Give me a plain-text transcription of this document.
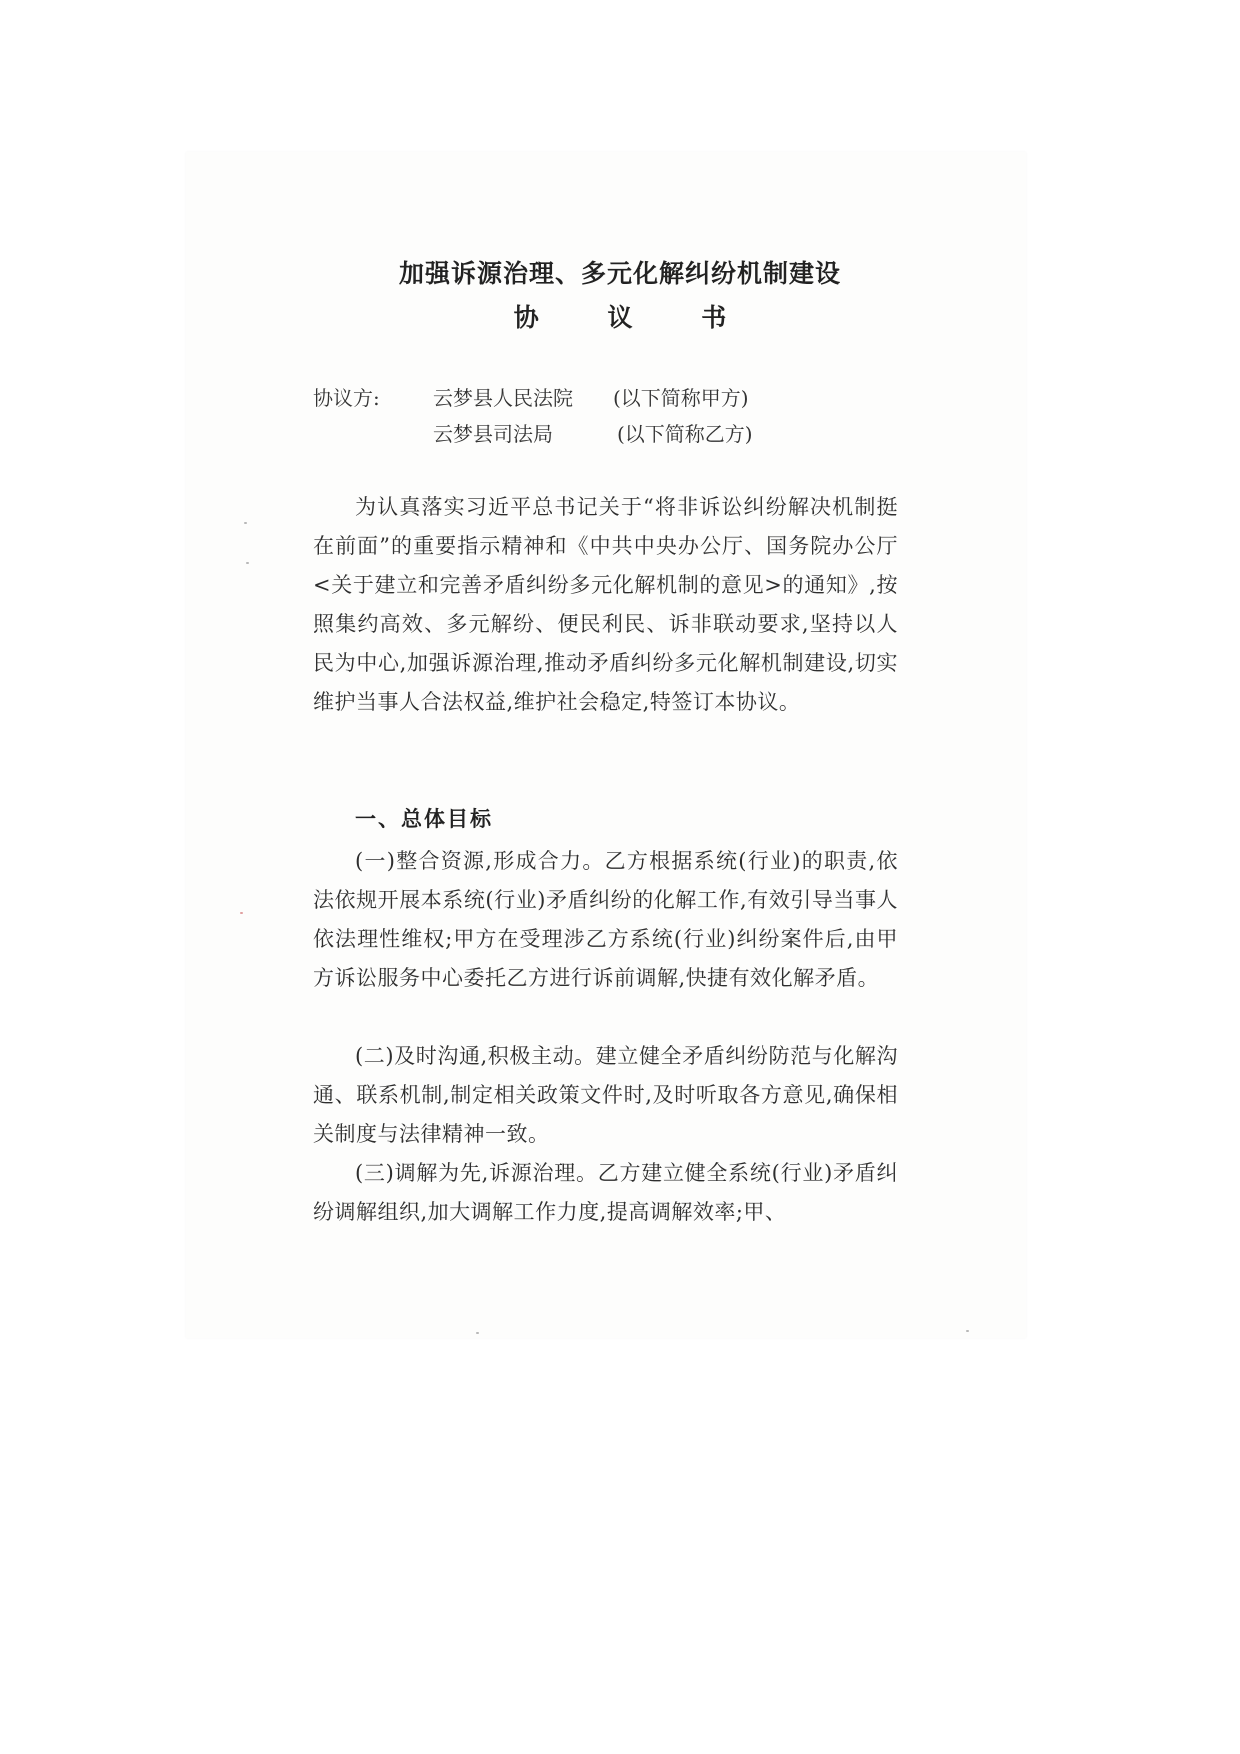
加强诉源治理、多元化解纠纷机制建设
协 议 书
协议方:	云梦县人民法院 (以下简称甲方)
云梦县司法局	(以下简称乙方)

为认真落实习近平总书记关于“将非诉讼纠纷解决机制挺在前面”的重要指示精神和《中共中央办公厅、国务院办公厅<关于建立和完善矛盾纠纷多元化解机制的意见>的通知》,按照集约高效、多元解纷、便民利民、诉非联动要求,坚持以人民为中心,加强诉源治理,推动矛盾纠纷多元化解机制建设,切实维护当事人合法权益,维护社会稳定,特签订本协议。

一、总体目标

(一)整合资源,形成合力。乙方根据系统(行业)的职责,依法依规开展本系统(行业)矛盾纠纷的化解工作,有效引导当事人依法理性维权;甲方在受理涉乙方系统(行业)纠纷案件后,由甲方诉讼服务中心委托乙方进行诉前调解,快捷有效化解矛盾。

(二)及时沟通,积极主动。建立健全矛盾纠纷防范与化解沟通、联系机制,制定相关政策文件时,及时听取各方意见,确保相关制度与法律精神一致。

(三)调解为先,诉源治理。乙方建立健全系统(行业)矛盾纠纷调解组织,加大调解工作力度,提高调解效率;甲、
